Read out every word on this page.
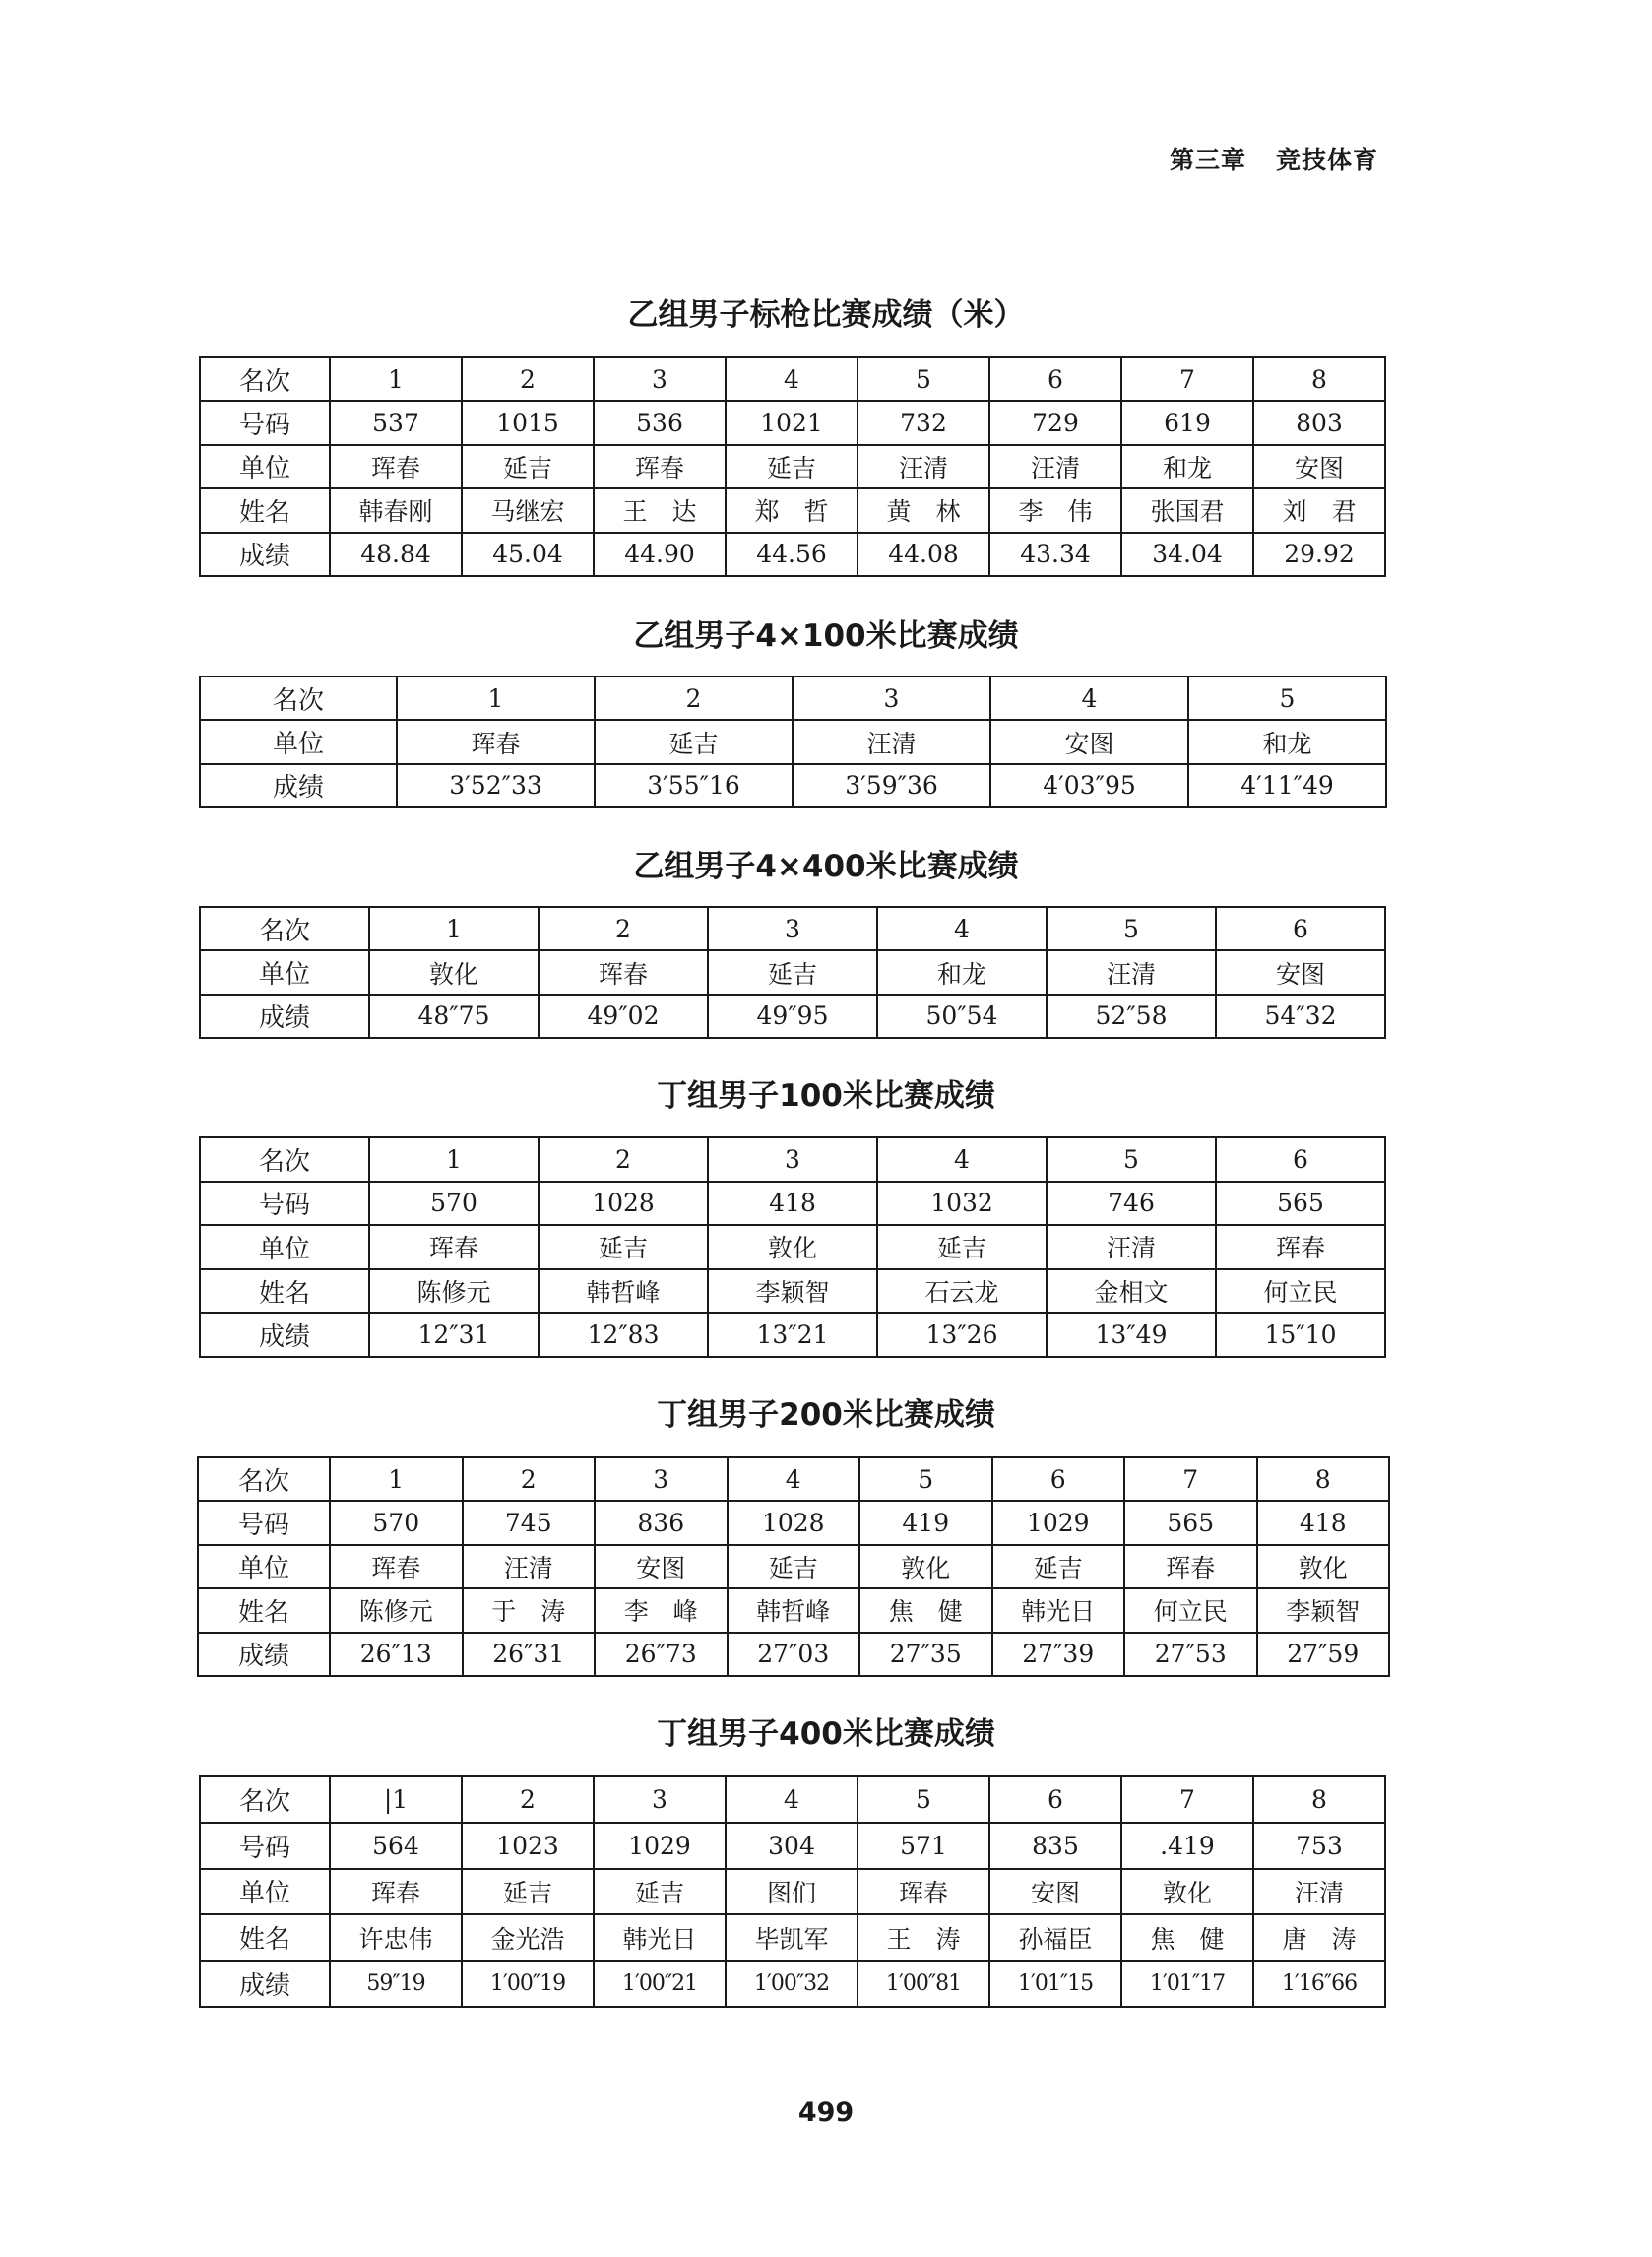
第三章 竞技体育
乙组男子标枪比赛成绩（米）
名次	1	2	3	4	5	6	7	8
号码	537	1015	536	1021	732	729	619	803
单位	珲春	延吉	珲春	延吉	汪清	汪清	和龙	安图
姓名	韩春刚	马继宏	王　达	郑　哲	黄　林	李　伟	张国君	刘　君
成绩	48.84	45.04	44.90	44.56	44.08	43.34	34.04	29.92
乙组男子4×100米比赛成绩
名次	1	2	3	4	5
单位	珲春	延吉	汪清	安图	和龙
成绩	3′52″33	3′55″16	3′59″36	4′03″95	4′11″49
乙组男子4×400米比赛成绩
名次	1	2	3	4	5	6
单位	敦化	珲春	延吉	和龙	汪清	安图
成绩	48″75	49″02	49″95	50″54	52″58	54″32
丁组男子100米比赛成绩
名次	1	2	3	4	5	6
号码	570	1028	418	1032	746	565
单位	珲春	延吉	敦化	延吉	汪清	珲春
姓名	陈修元	韩哲峰	李颖智	石云龙	金相文	何立民
成绩	12″31	12″83	13″21	13″26	13″49	15″10
丁组男子200米比赛成绩
名次	1	2	3	4	5	6	7	8
号码	570	745	836	1028	419	1029	565	418
单位	珲春	汪清	安图	延吉	敦化	延吉	珲春	敦化
姓名	陈修元	于　涛	李　峰	韩哲峰	焦　健	韩光日	何立民	李颖智
成绩	26″13	26″31	26″73	27″03	27″35	27″39	27″53	27″59
丁组男子400米比赛成绩
名次	|1	2	3	4	5	6	7	8
号码	564	1023	1029	304	571	835	.419	753
单位	珲春	延吉	延吉	图们	珲春	安图	敦化	汪清
姓名	许忠伟	金光浩	韩光日	毕凯军	王　涛	孙福臣	焦　健	唐　涛
成绩	59″19	1′00″19	1′00″21	1′00″32	1′00″81	1′01″15	1′01″17	1′16″66
499
